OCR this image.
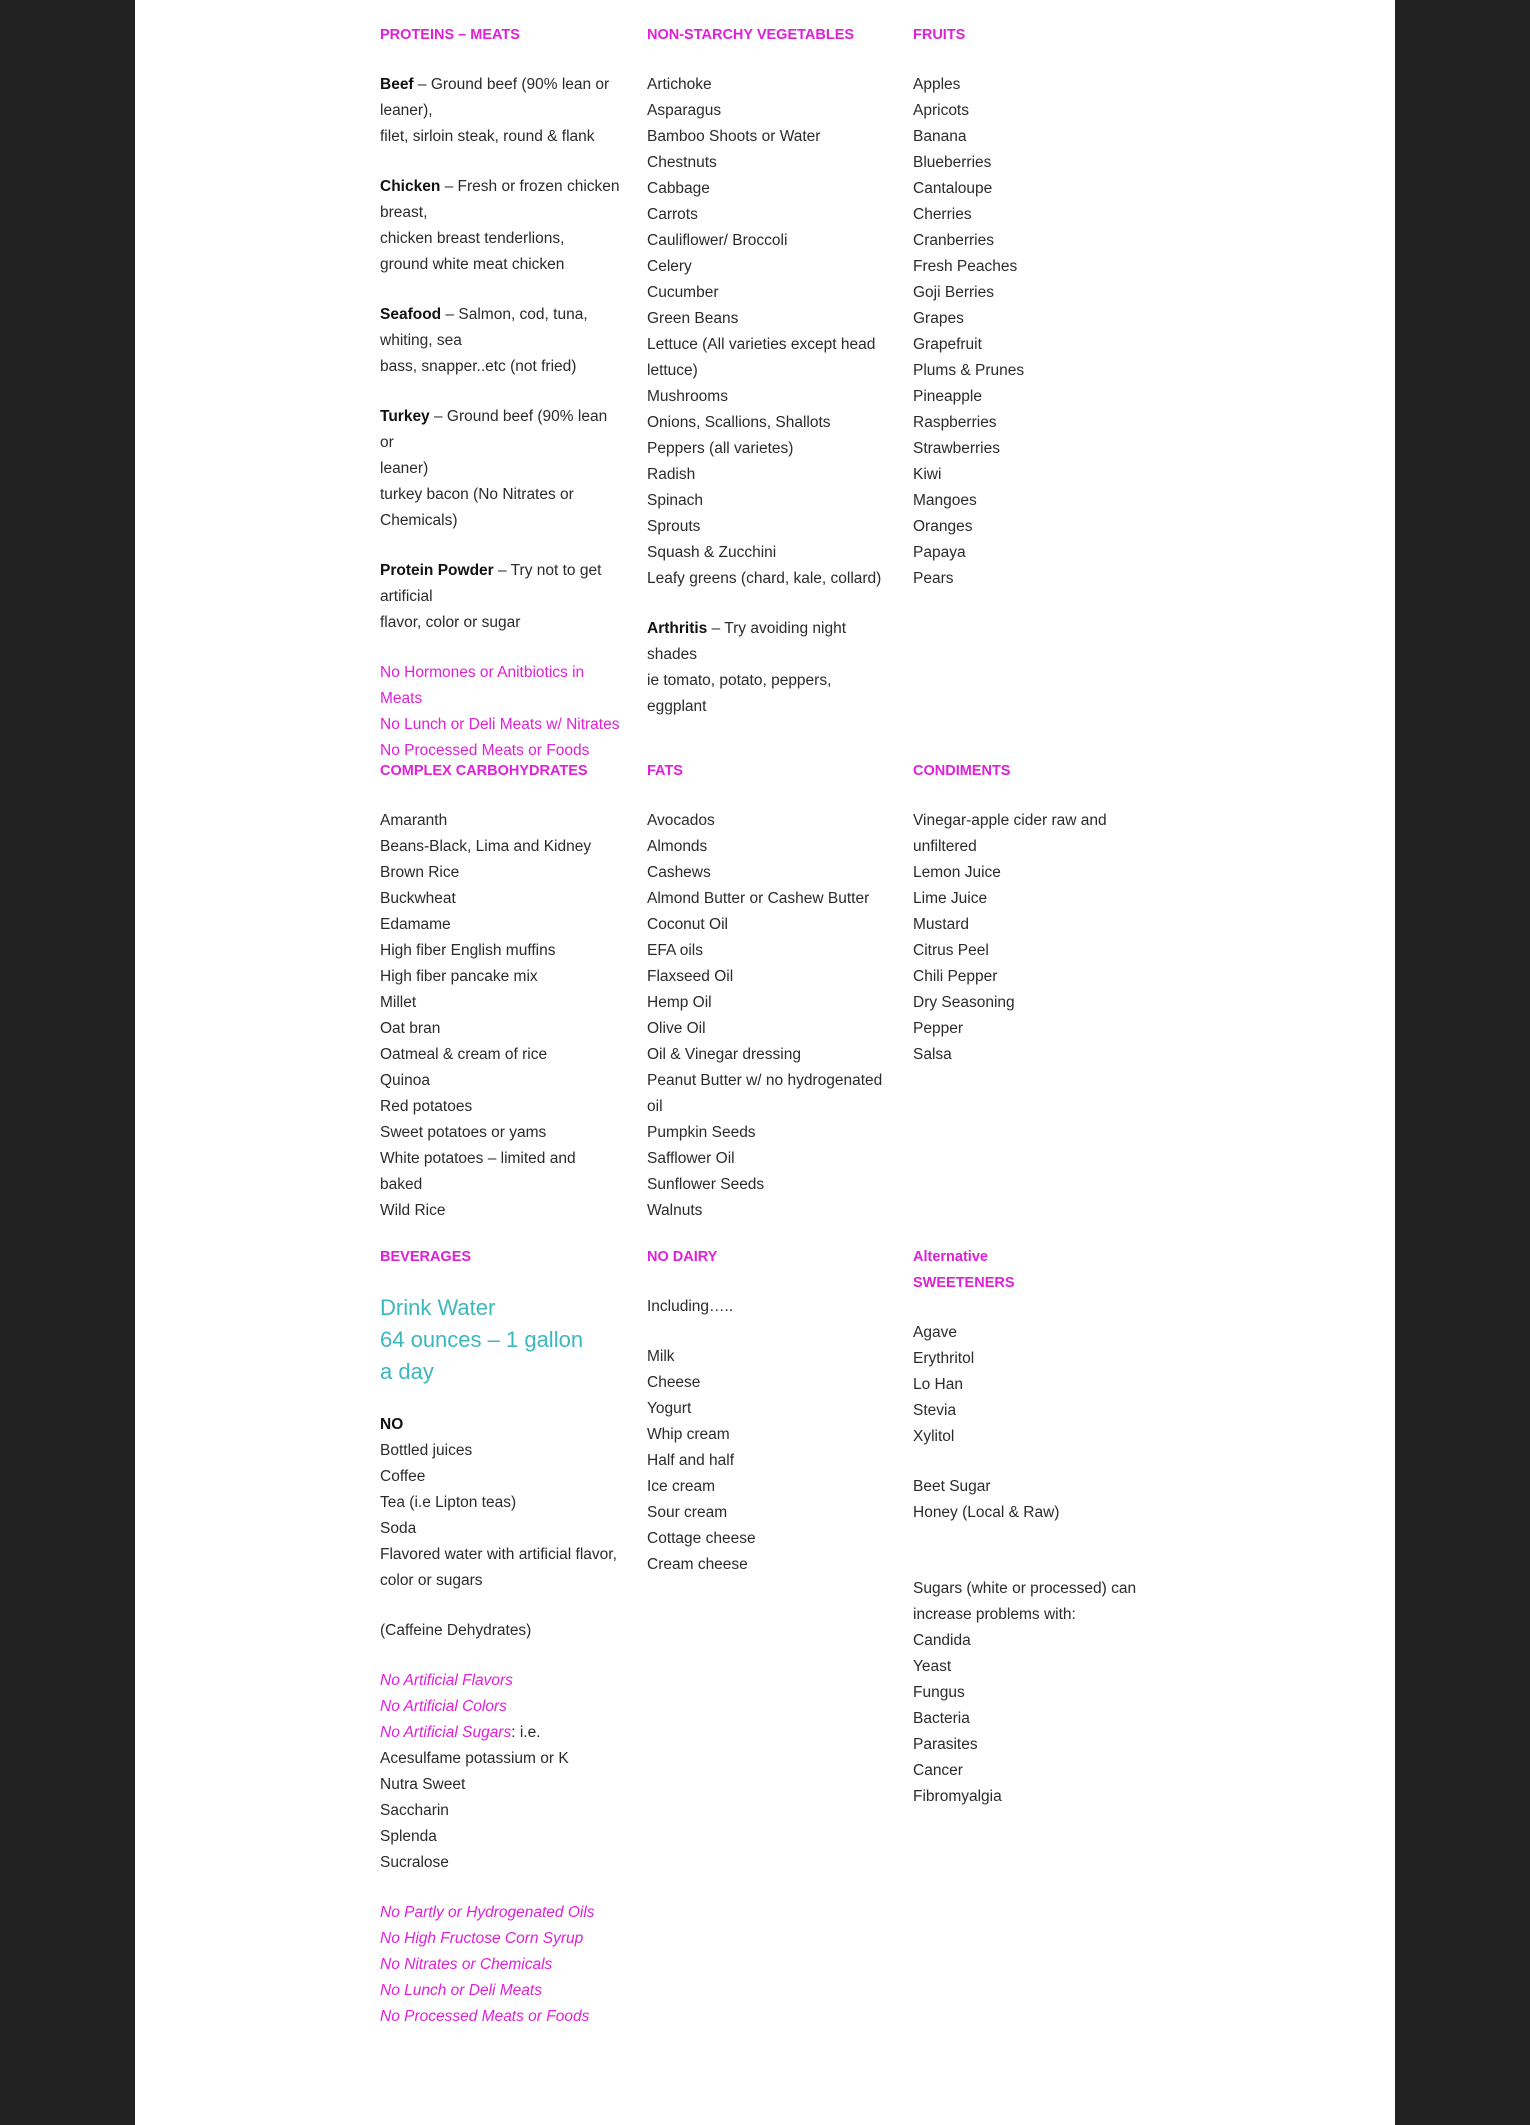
PROTEINS – MEATS
Beef – Ground beef (90% lean or
leaner),
filet, sirloin steak, round & flank
Chicken – Fresh or frozen chicken
breast,
chicken breast tenderlions,
ground white meat chicken
Seafood – Salmon, cod, tuna,
whiting, sea
bass, snapper..etc (not fried)
Turkey – Ground beef (90% lean or
leaner)
turkey bacon (No Nitrates or
Chemicals)
Protein Powder – Try not to get
artificial
flavor, color or sugar
No Hormones or Anitbiotics in
Meats
No Lunch or Deli Meats w/ Nitrates
No Processed Meats or Foods
NON-STARCHY VEGETABLES
Artichoke
Asparagus
Bamboo Shoots or Water Chestnuts
Cabbage
Carrots
Cauliflower/ Broccoli
Celery
Cucumber
Green Beans
Lettuce (All varieties except head
lettuce)
Mushrooms
Onions, Scallions, Shallots
Peppers (all varietes)
Radish
Spinach
Sprouts
Squash & Zucchini
Leafy greens (chard, kale, collard)
Arthritis – Try avoiding night
shades
ie tomato, potato, peppers,
eggplant
FRUITS
Apples
Apricots
Banana
Blueberries
Cantaloupe
Cherries
Cranberries
Fresh Peaches
Goji Berries
Grapes
Grapefruit
Plums & Prunes
Pineapple
Raspberries
Strawberries
Kiwi
Mangoes
Oranges
Papaya
Pears
COMPLEX CARBOHYDRATES
Amaranth
Beans-Black, Lima and Kidney
Brown Rice
Buckwheat
Edamame
High fiber English muffins
High fiber pancake mix
Millet
Oat bran
Oatmeal & cream of rice
Quinoa
Red potatoes
Sweet potatoes or yams
White potatoes – limited and baked
Wild Rice
FATS
Avocados
Almonds
Cashews
Almond Butter or Cashew Butter
Coconut Oil
EFA oils
Flaxseed Oil
Hemp Oil
Olive Oil
Oil & Vinegar dressing
Peanut Butter w/ no hydrogenated
oil
Pumpkin Seeds
Safflower Oil
Sunflower Seeds
Walnuts
CONDIMENTS
Vinegar-apple cider raw and
unfiltered
Lemon Juice
Lime Juice
Mustard
Citrus Peel
Chili Pepper
Dry Seasoning
Pepper
Salsa
BEVERAGES
Drink Water
64 ounces – 1 gallon
a day
NO
Bottled juices
Coffee
Tea (i.e Lipton teas)
Soda
Flavored water with artificial flavor,
color or sugars
(Caffeine Dehydrates)
No Artificial Flavors
No Artificial Colors
No Artificial Sugars: i.e.
Acesulfame potassium or K
Nutra Sweet
Saccharin
Splenda
Sucralose
No Partly or Hydrogenated Oils
No High Fructose Corn Syrup
No Nitrates or Chemicals
No Lunch or Deli Meats
No Processed Meats or Foods
NO DAIRY
Including…..
Milk
Cheese
Yogurt
Whip cream
Half and half
Ice cream
Sour cream
Cottage cheese
Cream cheese
Alternative
SWEETENERS
Agave
Erythritol
Lo Han
Stevia
Xylitol
Beet Sugar
Honey (Local & Raw)
Sugars (white or processed) can
increase problems with:
Candida
Yeast
Fungus
Bacteria
Parasites
Cancer
Fibromyalgia
